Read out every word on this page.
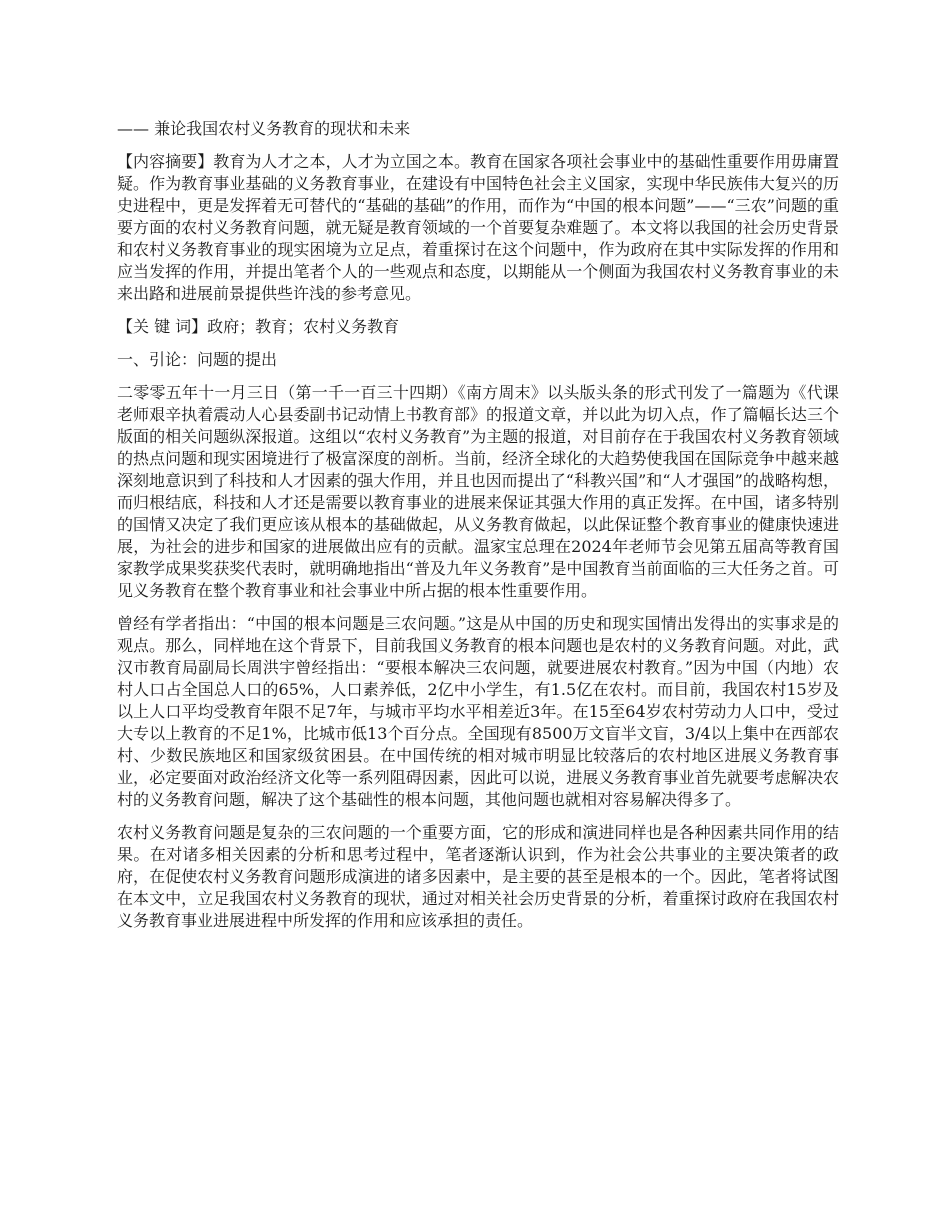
—— 兼论我国农村义务教育的现状和未来

【内容摘要】教育为人才之本，人才为立国之本。教育在国家各项社会事业中的基础性重要作用毋庸置疑。作为教育事业基础的义务教育事业，在建设有中国特色社会主义国家，实现中华民族伟大复兴的历史进程中，更是发挥着无可替代的“基础的基础”的作用，而作为“中国的根本问题”——“三农”问题的重要方面的农村义务教育问题，就无疑是教育领域的一个首要复杂难题了。本文将以我国的社会历史背景和农村义务教育事业的现实困境为立足点，着重探讨在这个问题中，作为政府在其中实际发挥的作用和应当发挥的作用，并提出笔者个人的一些观点和态度，以期能从一个侧面为我国农村义务教育事业的未来出路和进展前景提供些许浅的参考意见。

【关 键 词】政府；教育；农村义务教育

一、引论：问题的提出

二零零五年十一月三日（第一千一百三十四期）《南方周末》以头版头条的形式刊发了一篇题为《代课老师艰辛执着震动人心县委副书记动情上书教育部》的报道文章，并以此为切入点，作了篇幅长达三个版面的相关问题纵深报道。这组以“农村义务教育”为主题的报道，对目前存在于我国农村义务教育领域的热点问题和现实困境进行了极富深度的剖析。当前，经济全球化的大趋势使我国在国际竞争中越来越深刻地意识到了科技和人才因素的强大作用，并且也因而提出了“科教兴国”和“人才强国”的战略构想，而归根结底，科技和人才还是需要以教育事业的进展来保证其强大作用的真正发挥。在中国，诸多特别的国情又决定了我们更应该从根本的基础做起，从义务教育做起，以此保证整个教育事业的健康快速进展，为社会的进步和国家的进展做出应有的贡献。温家宝总理在2024年老师节会见第五届高等教育国家教学成果奖获奖代表时，就明确地指出“普及九年义务教育”是中国教育当前面临的三大任务之首。可见义务教育在整个教育事业和社会事业中所占据的根本性重要作用。

曾经有学者指出：“中国的根本问题是三农问题。”这是从中国的历史和现实国情出发得出的实事求是的观点。那么，同样地在这个背景下，目前我国义务教育的根本问题也是农村的义务教育问题。对此，武汉市教育局副局长周洪宇曾经指出：“要根本解决三农问题，就要进展农村教育。”因为中国（内地）农村人口占全国总人口的65%，人口素养低，2亿中小学生，有1.5亿在农村。而目前，我国农村15岁及以上人口平均受教育年限不足7年，与城市平均水平相差近3年。在15至64岁农村劳动力人口中，受过大专以上教育的不足1%，比城市低13个百分点。全国现有8500万文盲半文盲，3/4以上集中在西部农村、少数民族地区和国家级贫困县。在中国传统的相对城市明显比较落后的农村地区进展义务教育事业，必定要面对政治经济文化等一系列阻碍因素，因此可以说，进展义务教育事业首先就要考虑解决农村的义务教育问题，解决了这个基础性的根本问题，其他问题也就相对容易解决得多了。

农村义务教育问题是复杂的三农问题的一个重要方面，它的形成和演进同样也是各种因素共同作用的结果。在对诸多相关因素的分析和思考过程中，笔者逐渐认识到，作为社会公共事业的主要决策者的政府，在促使农村义务教育问题形成演进的诸多因素中，是主要的甚至是根本的一个。因此，笔者将试图在本文中，立足我国农村义务教育的现状，通过对相关社会历史背景的分析，着重探讨政府在我国农村义务教育事业进展进程中所发挥的作用和应该承担的责任。
